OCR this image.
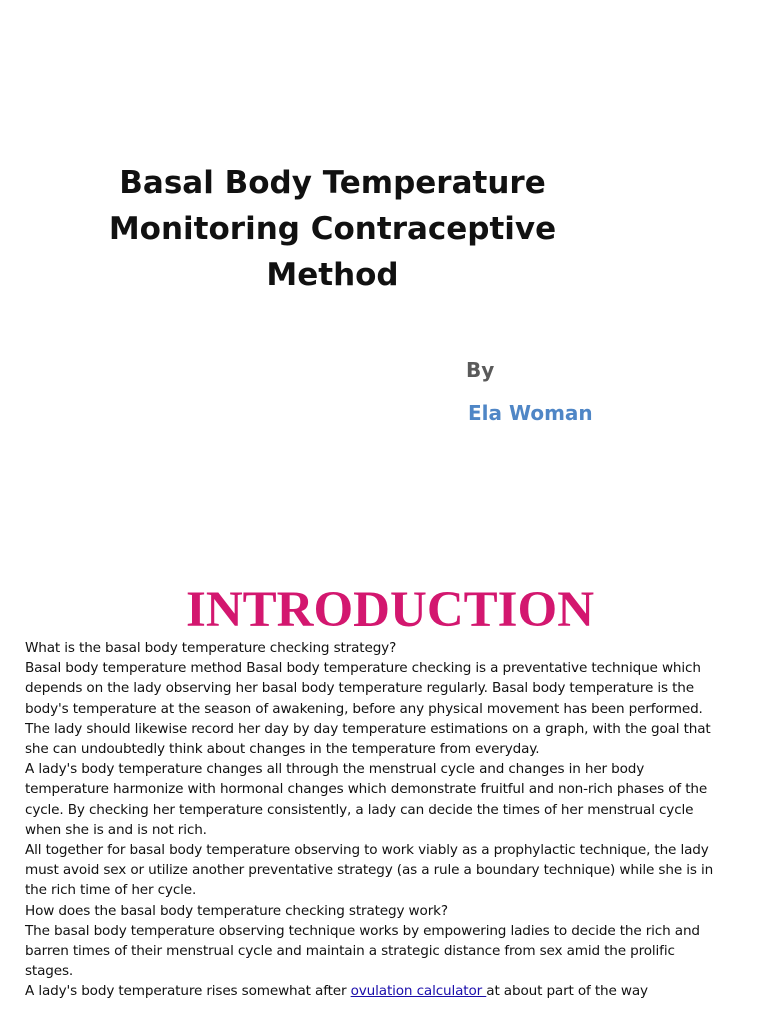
Basal Body Temperature
Monitoring Contraceptive
Method
By
Ela Woman
INTRODUCTION

What is the basal body temperature checking strategy?

Basal body temperature method Basal body temperature checking is a preventative technique which depends on the lady observing her basal body temperature regularly. Basal body temperature is the body's temperature at the season of awakening, before any physical movement has been performed. The lady should likewise record her day by day temperature estimations on a graph, with the goal that she can undoubtedly think about changes in the temperature from everyday.

A lady's body temperature changes all through the menstrual cycle and changes in her body temperature harmonize with hormonal changes which demonstrate fruitful and non-rich phases of the cycle. By checking her temperature consistently, a lady can decide the times of her menstrual cycle when she is and is not rich.

All together for basal body temperature observing to work viably as a prophylactic technique, the lady must avoid sex or utilize another preventative strategy (as a rule a boundary technique) while she is in the rich time of her cycle.

How does the basal body temperature checking strategy work?

The basal body temperature observing technique works by empowering ladies to decide the rich and barren times of their menstrual cycle and maintain a strategic distance from sex amid the prolific stages.

A lady's body temperature rises somewhat after ovulation calculator at about part of the way
